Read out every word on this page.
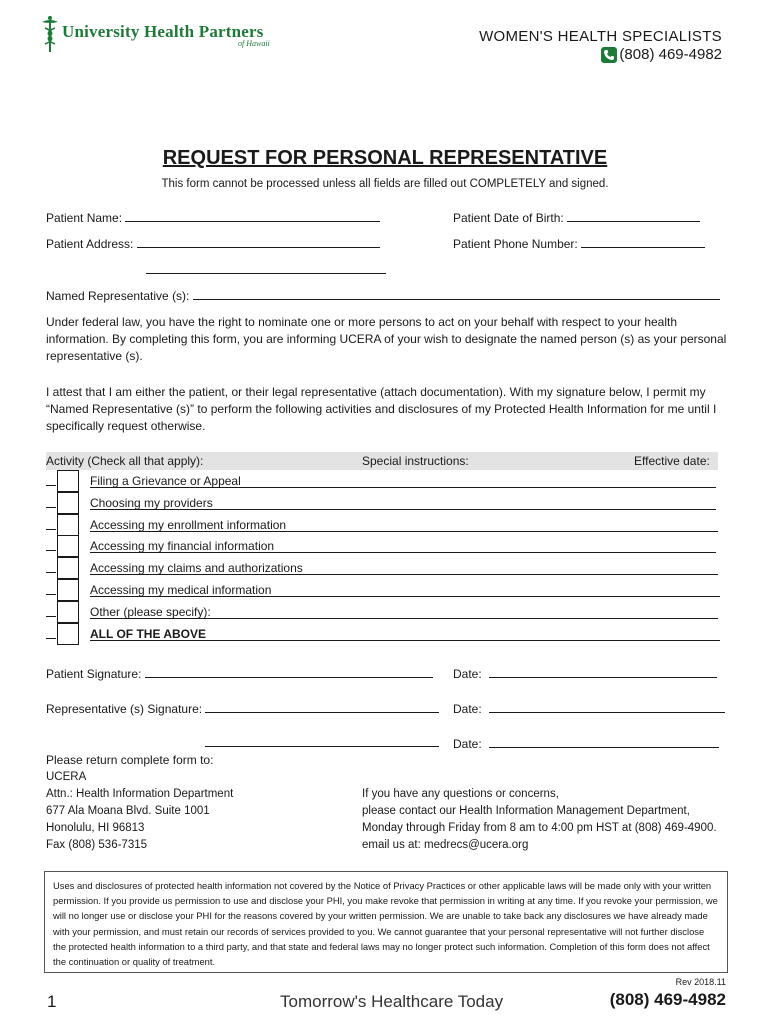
University Health Partners
of Hawaii	WOMEN'S HEALTH SPECIALISTS
(808) 469-4982
REQUEST FOR PERSONAL REPRESENTATIVE
This form cannot be processed unless all fields are filled out COMPLETELY and signed.
Patient Name:	Patient Date of Birth:
Patient Address:	Patient Phone Number:
Named Representative (s):
Under federal law, you have the right to nominate one or more persons to act on your behalf with respect to your health information. By completing this form, you are informing UCERA of your wish to designate the named person (s) as your personal representative (s).
I attest that I am either the patient, or their legal representative (attach documentation). With my signature below, I permit my “Named Representative (s)” to perform the following activities and disclosures of my Protected Health Information for me until I specifically request otherwise.
Activity (Check all that apply):	Special instructions:	Effective date:
Filing a Grievance or Appeal
Choosing my providers
Accessing my enrollment information
Accessing my financial information
Accessing my claims and authorizations
Accessing my medical information
Other (please specify):
ALL OF THE ABOVE
Patient Signature:	Date:
Representative (s) Signature:	Date:
Date:
Please return complete form to:
UCERA
Attn.: Health Information Department
677 Ala Moana Blvd. Suite 1001
Honolulu, HI 96813
Fax (808) 536-7315
If you have any questions or concerns,
please contact our Health Information Management Department,
Monday through Friday from 8 am to 4:00 pm HST at (808) 469-4900.
email us at: medrecs@ucera.org
Uses and disclosures of protected health information not covered by the Notice of Privacy Practices or other applicable laws will be made only with your written permission. If you provide us permission to use and disclose your PHI, you make revoke that permission in writing at any time. If you revoke your permission, we will no longer use or disclose your PHI for the reasons covered by your written permission. We are unable to take back any disclosures we have already made with your permission, and must retain our records of services provided to you. We cannot guarantee that your personal representative will not further disclose the protected health information to a third party, and that state and federal laws may no longer protect such information. Completion of this form does not affect the continuation or quality of treatment.
1	Tomorrow's Healthcare Today
Rev 2018.11
(808) 469-4982
